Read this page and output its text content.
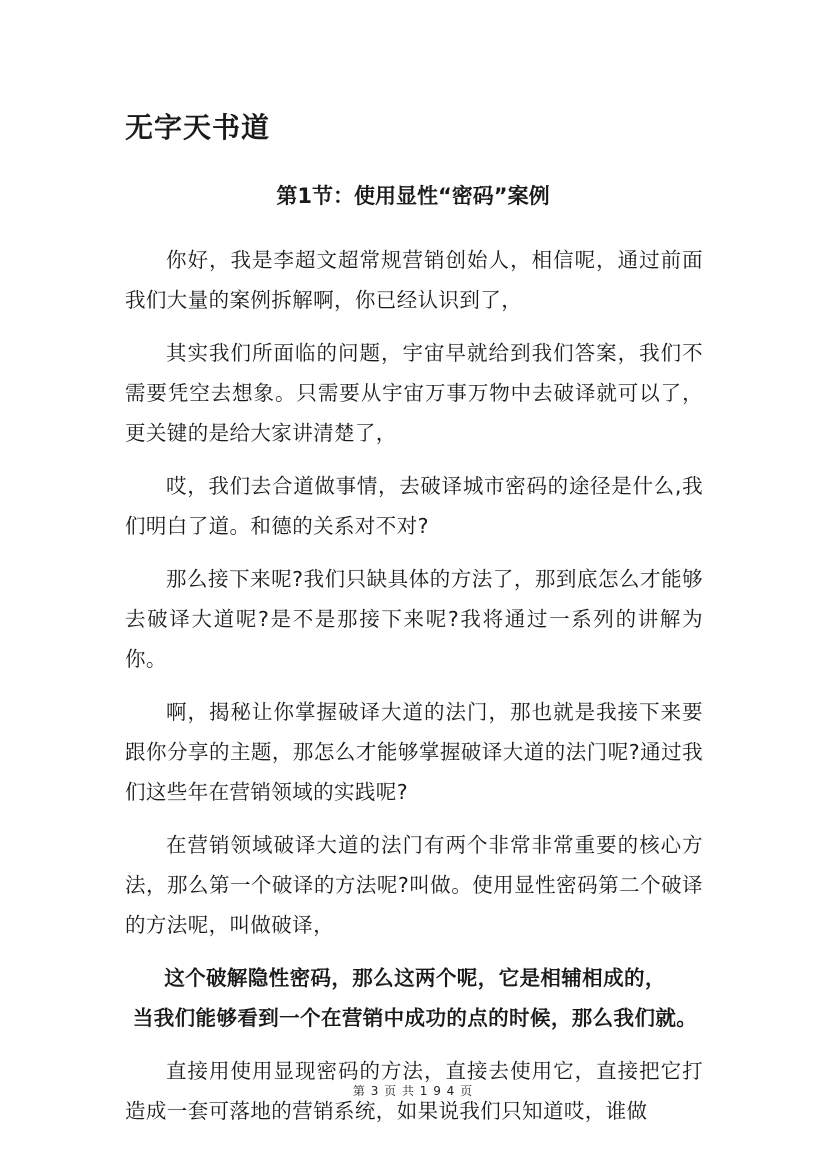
无字天书道
第1节：使用显性“密码”案例

你好，我是李超文超常规营销创始人，相信呢，通过前面我们大量的案例拆解啊，你已经认识到了，

其实我们所面临的问题，宇宙早就给到我们答案，我们不需要凭空去想象。只需要从宇宙万事万物中去破译就可以了，更关键的是给大家讲清楚了，

哎，我们去合道做事情，去破译城市密码的途径是什么,我们明白了道。和德的关系对不对?

那么接下来呢?我们只缺具体的方法了，那到底怎么才能够去破译大道呢?是不是那接下来呢?我将通过一系列的讲解为你。

啊，揭秘让你掌握破译大道的法门，那也就是我接下来要跟你分享的主题，那怎么才能够掌握破译大道的法门呢?通过我们这些年在营销领域的实践呢?

在营销领域破译大道的法门有两个非常非常重要的核心方法，那么第一个破译的方法呢?叫做。使用显性密码第二个破译的方法呢，叫做破译，

这个破解隐性密码，那么这两个呢，它是相辅相成的，
当我们能够看到一个在营销中成功的点的时候，那么我们就。

直接用使用显现密码的方法，直接去使用它，直接把它打造成一套可落地的营销系统，如果说我们只知道哎，谁做

第 3 页 共 1 9 4 页
